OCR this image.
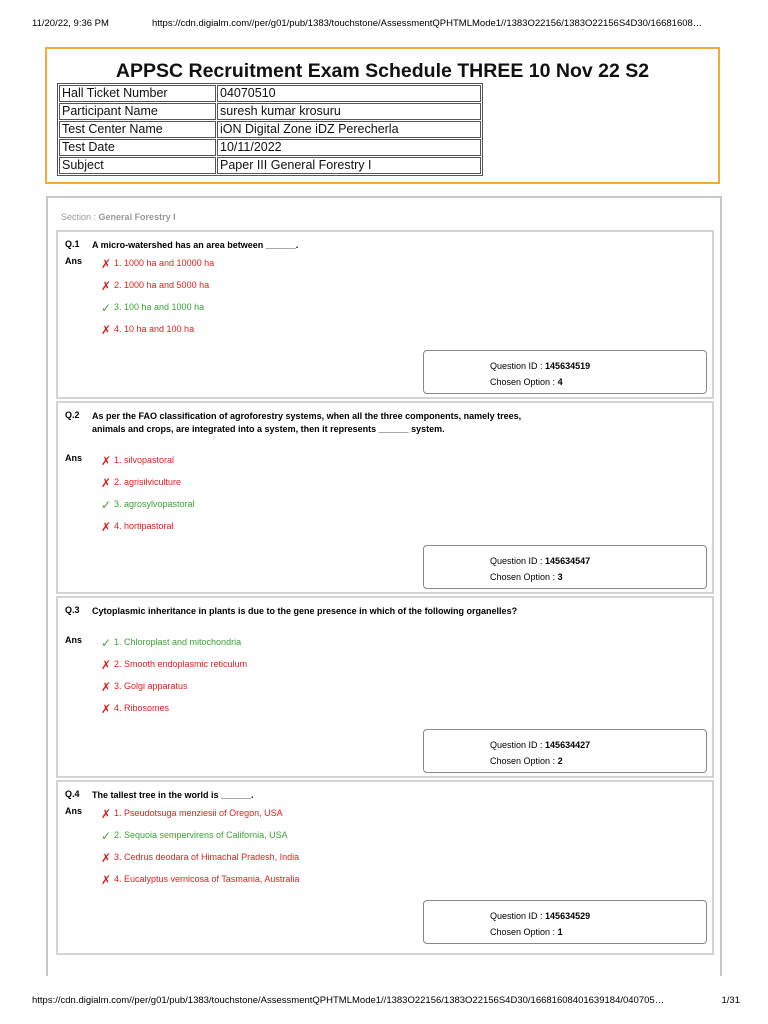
11/20/22, 9:36 PM	https://cdn.digialm.com//per/g01/pub/1383/touchstone/AssessmentQPHTMLMode1//1383O22156/1383O22156S4D30/16681608…
APPSC Recruitment Exam Schedule THREE 10 Nov 22 S2
Hall Ticket Number	04070510
Participant Name	suresh kumar krosuru
Test Center Name	iON Digital Zone iDZ Perecherla
Test Date	10/11/2022
Subject	Paper III General Forestry I
Section : General Forestry I
Q.1	A micro-watershed has an area between ______.
Ans ✗ 1. 1000 ha and 10000 ha
✗ 2. 1000 ha and 5000 ha
✓ 3. 100 ha and 1000 ha
✗ 4. 10 ha and 100 ha
Question ID : 145634519
Chosen Option : 4
Q.2	As per the FAO classification of agroforestry systems, when all the three components, namely trees, animals and crops, are integrated into a system, then it represents ______ system.
Ans ✗ 1. silvopastoral
✗ 2. agrisilviculture
✓ 3. agrosylvopastoral
✗ 4. hortipastoral
Question ID : 145634547
Chosen Option : 3
Q.3	Cytoplasmic inheritance in plants is due to the gene presence in which of the following organelles?
Ans ✓ 1. Chloroplast and mitochondria
✗ 2. Smooth endoplasmic reticulum
✗ 3. Golgi apparatus
✗ 4. Ribosomes
Question ID : 145634427
Chosen Option : 2
Q.4	The tallest tree in the world is ______.
Ans ✗ 1. Pseudotsuga menziesii of Oregon, USA
✓ 2. Sequoia sempervirens of California, USA
✗ 3. Cedrus deodara of Himachal Pradesh, India
✗ 4. Eucalyptus vernicosa of Tasmania, Australia
Question ID : 145634529
Chosen Option : 1
https://cdn.digialm.com//per/g01/pub/1383/touchstone/AssessmentQPHTMLMode1//1383O22156/1383O22156S4D30/16681608401639184/040705…	1/31
